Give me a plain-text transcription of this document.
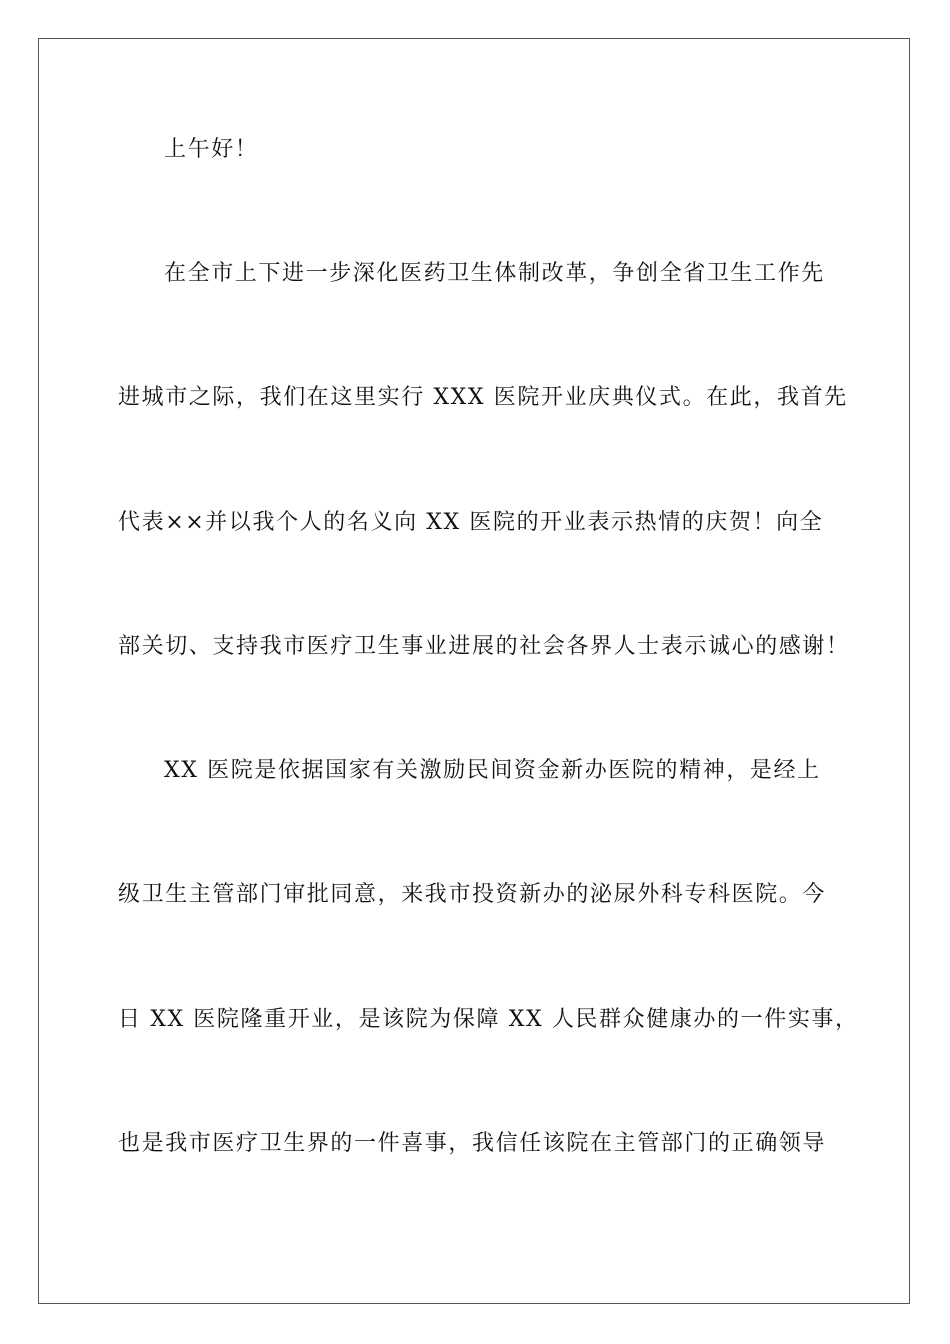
上午好！
在全市上下进一步深化医药卫生体制改革，争创全省卫生工作先
进城市之际，我们在这里实行 XXX 医院开业庆典仪式。在此，我首先
代表××并以我个人的名义向 XX 医院的开业表示热情的庆贺！向全
部关切、支持我市医疗卫生事业进展的社会各界人士表示诚心的感谢！
XX 医院是依据国家有关激励民间资金新办医院的精神，是经上
级卫生主管部门审批同意，来我市投资新办的泌尿外科专科医院。今
日 XX 医院隆重开业，是该院为保障 XX 人民群众健康办的一件实事，
也是我市医疗卫生界的一件喜事，我信任该院在主管部门的正确领导
